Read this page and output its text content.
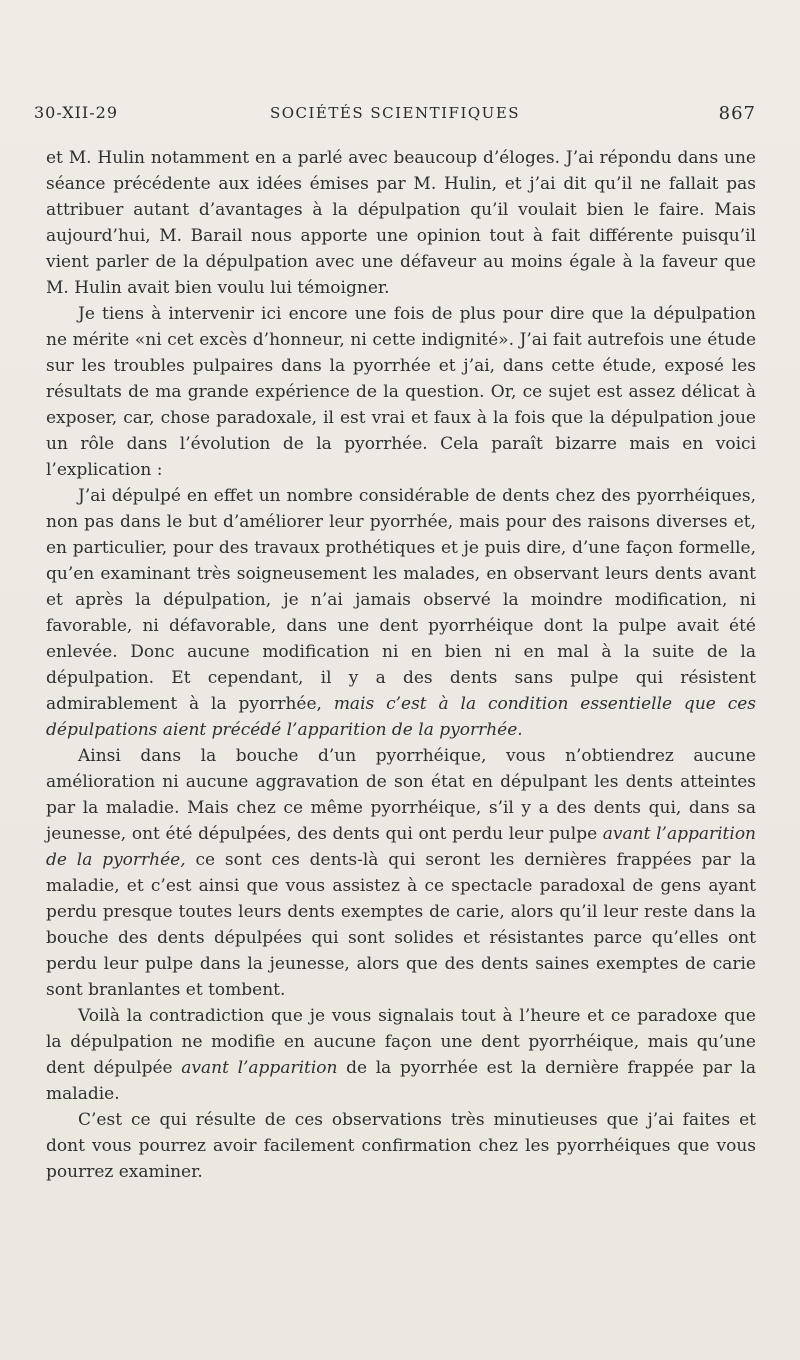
30-XII-29	SOCIÉTÉS SCIENTIFIQUES	867

et M. Hulin notamment en a parlé avec beaucoup d’éloges. J’ai répondu dans une séance précédente aux idées émises par M. Hulin, et j’ai dit qu’il ne fallait pas attribuer autant d’avantages à la dépulpation qu’il voulait bien le faire. Mais aujourd’hui, M. Barail nous apporte une opinion tout à fait différente puisqu’il vient parler de la dépulpation avec une défaveur au moins égale à la faveur que M. Hulin avait bien voulu lui témoigner.

Je tiens à intervenir ici encore une fois de plus pour dire que la dépulpation ne mérite «ni cet excès d’honneur, ni cette indignité». J’ai fait autrefois une étude sur les troubles pulpaires dans la pyorrhée et j’ai, dans cette étude, exposé les résultats de ma grande expérience de la question. Or, ce sujet est assez délicat à exposer, car, chose paradoxale, il est vrai et faux à la fois que la dépulpation joue un rôle dans l’évolution de la pyorrhée. Cela paraît bizarre mais en voici l’explication :

J’ai dépulpé en effet un nombre considérable de dents chez des pyorrhéiques, non pas dans le but d’améliorer leur pyorrhée, mais pour des raisons diverses et, en particulier, pour des travaux prothétiques et je puis dire, d’une façon formelle, qu’en examinant très soigneusement les malades, en observant leurs dents avant et après la dépulpation, je n’ai jamais observé la moindre modification, ni favorable, ni défavorable, dans une dent pyorrhéique dont la pulpe avait été enlevée. Donc aucune modification ni en bien ni en mal à la suite de la dépulpation. Et cependant, il y a des dents sans pulpe qui résistent admirablement à la pyorrhée, mais c’est à la condition essentielle que ces dépulpations aient précédé l’apparition de la pyorrhée.

Ainsi dans la bouche d’un pyorrhéique, vous n’obtiendrez aucune amélioration ni aucune aggravation de son état en dépulpant les dents atteintes par la maladie. Mais chez ce même pyorrhéique, s’il y a des dents qui, dans sa jeunesse, ont été dépulpées, des dents qui ont perdu leur pulpe avant l’apparition de la pyorrhée, ce sont ces dents-là qui seront les dernières frappées par la maladie, et c’est ainsi que vous assistez à ce spectacle paradoxal de gens ayant perdu presque toutes leurs dents exemptes de carie, alors qu’il leur reste dans la bouche des dents dépulpées qui sont solides et résistantes parce qu’elles ont perdu leur pulpe dans la jeunesse, alors que des dents saines exemptes de carie sont branlantes et tombent.

Voilà la contradiction que je vous signalais tout à l’heure et ce paradoxe que la dépulpation ne modifie en aucune façon une dent pyorrhéique, mais qu’une dent dépulpée avant l’apparition de la pyorrhée est la dernière frappée par la maladie.

C’est ce qui résulte de ces observations très minutieuses que j’ai faites et dont vous pourrez avoir facilement confirmation chez les pyorrhéiques que vous pourrez examiner.
